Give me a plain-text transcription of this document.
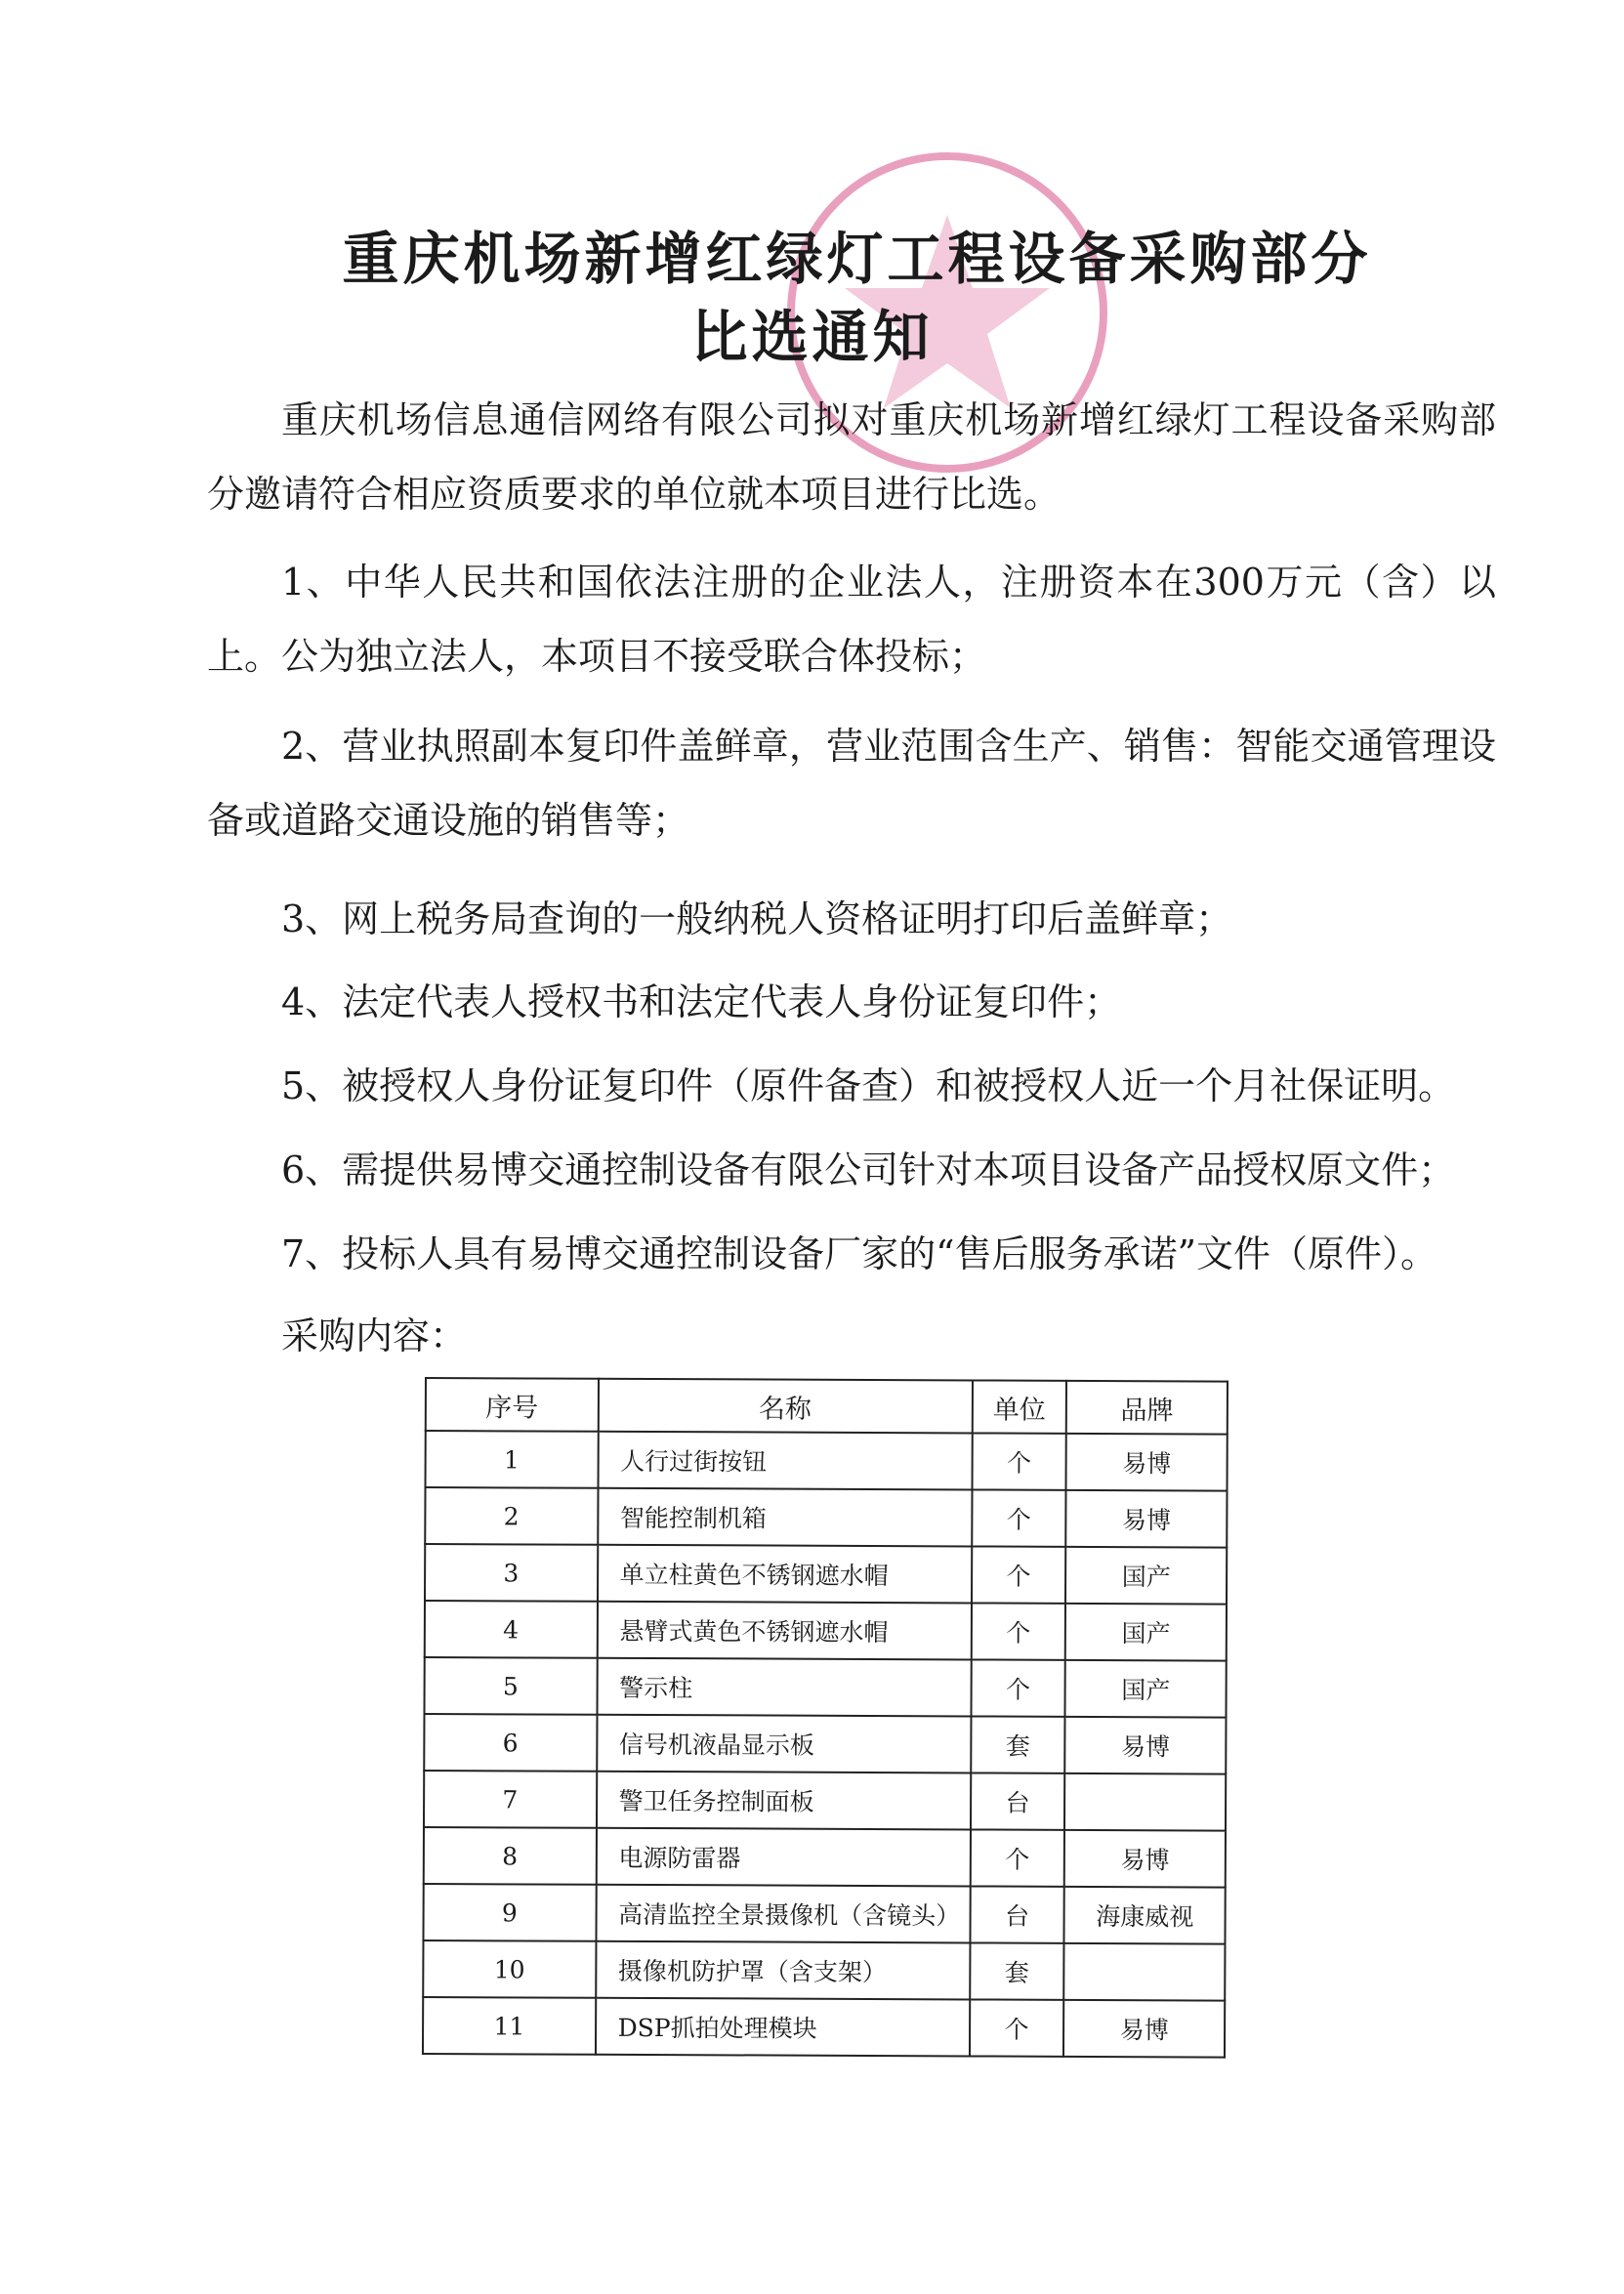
重庆机场新增红绿灯工程设备采购部分
比选通知

重庆机场信息通信网络有限公司拟对重庆机场新增红绿灯工程设备采购部分邀请符合相应资质要求的单位就本项目进行比选。

1、中华人民共和国依法注册的企业法人，注册资本在300万元（含）以上。公为独立法人，本项目不接受联合体投标；

2、营业执照副本复印件盖鲜章，营业范围含生产、销售：智能交通管理设备或道路交通设施的销售等；

3、网上税务局查询的一般纳税人资格证明打印后盖鲜章；

4、法定代表人授权书和法定代表人身份证复印件；

5、被授权人身份证复印件（原件备查）和被授权人近一个月社保证明。

6、需提供易博交通控制设备有限公司针对本项目设备产品授权原文件；

7、投标人具有易博交通控制设备厂家的“售后服务承诺”文件（原件）。

采购内容：

序号	名称	单位	品牌
1	人行过街按钮	个	易博
2	智能控制机箱	个	易博
3	单立柱黄色不锈钢遮水帽	个	国产
4	悬臂式黄色不锈钢遮水帽	个	国产
5	警示柱	个	国产
6	信号机液晶显示板	套	易博
7	警卫任务控制面板	台	
8	电源防雷器	个	易博
9	高清监控全景摄像机（含镜头）	台	海康威视
10	摄像机防护罩（含支架）	套	
11	DSP抓拍处理模块	个	易博
